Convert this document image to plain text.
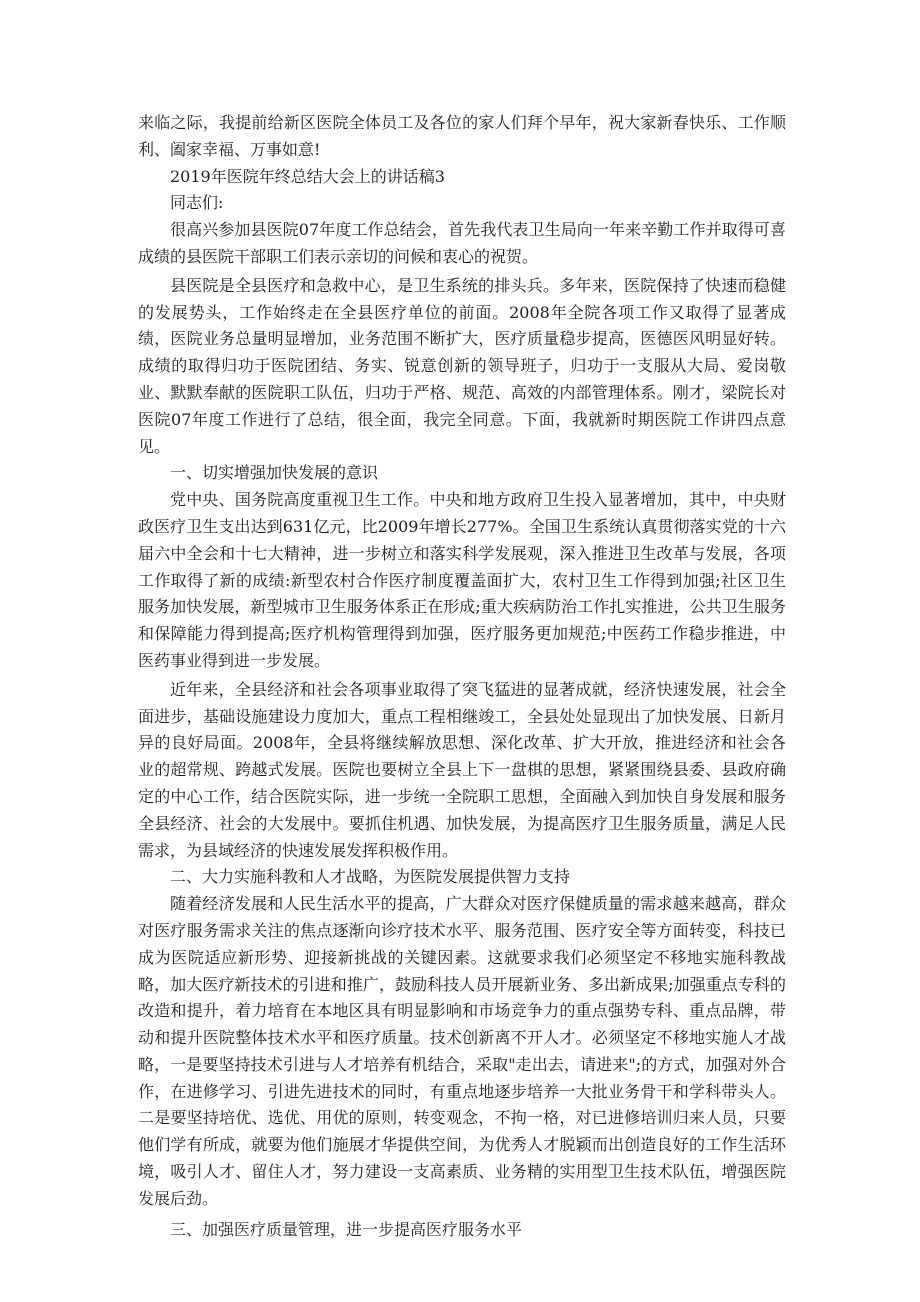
来临之际，我提前给新区医院全体员工及各位的家人们拜个早年，祝大家新春快乐、工作顺利、阖家幸福、万事如意!

2019年医院年终总结大会上的讲话稿3

同志们:

很高兴参加县医院07年度工作总结会，首先我代表卫生局向一年来辛勤工作并取得可喜成绩的县医院干部职工们表示亲切的问候和衷心的祝贺。

县医院是全县医疗和急救中心，是卫生系统的排头兵。多年来，医院保持了快速而稳健的发展势头，工作始终走在全县医疗单位的前面。2008年全院各项工作又取得了显著成绩，医院业务总量明显增加，业务范围不断扩大，医疗质量稳步提高，医德医风明显好转。成绩的取得归功于医院团结、务实、锐意创新的领导班子，归功于一支服从大局、爱岗敬业、默默奉献的医院职工队伍，归功于严格、规范、高效的内部管理体系。刚才，梁院长对医院07年度工作进行了总结，很全面，我完全同意。下面，我就新时期医院工作讲四点意见。

一、切实增强加快发展的意识

党中央、国务院高度重视卫生工作。中央和地方政府卫生投入显著增加，其中，中央财政医疗卫生支出达到631亿元，比2009年增长277%。全国卫生系统认真贯彻落实党的十六届六中全会和十七大精神，进一步树立和落实科学发展观，深入推进卫生改革与发展，各项工作取得了新的成绩:新型农村合作医疗制度覆盖面扩大，农村卫生工作得到加强;社区卫生服务加快发展，新型城市卫生服务体系正在形成;重大疾病防治工作扎实推进，公共卫生服务和保障能力得到提高;医疗机构管理得到加强，医疗服务更加规范;中医药工作稳步推进，中医药事业得到进一步发展。

近年来，全县经济和社会各项事业取得了突飞猛进的显著成就，经济快速发展，社会全面进步，基础设施建设力度加大，重点工程相继竣工，全县处处显现出了加快发展、日新月异的良好局面。2008年，全县将继续解放思想、深化改革、扩大开放，推进经济和社会各业的超常规、跨越式发展。医院也要树立全县上下一盘棋的思想，紧紧围绕县委、县政府确定的中心工作，结合医院实际，进一步统一全院职工思想，全面融入到加快自身发展和服务全县经济、社会的大发展中。要抓住机遇、加快发展，为提高医疗卫生服务质量，满足人民需求，为县域经济的快速发展发挥积极作用。

二、大力实施科教和人才战略，为医院发展提供智力支持

随着经济发展和人民生活水平的提高，广大群众对医疗保健质量的需求越来越高，群众对医疗服务需求关注的焦点逐渐向诊疗技术水平、服务范围、医疗安全等方面转变，科技已成为医院适应新形势、迎接新挑战的关键因素。这就要求我们必须坚定不移地实施科教战略，加大医疗新技术的引进和推广，鼓励科技人员开展新业务、多出新成果;加强重点专科的改造和提升，着力培育在本地区具有明显影响和市场竞争力的重点强势专科、重点品牌，带动和提升医院整体技术水平和医疗质量。技术创新离不开人才。必须坚定不移地实施人才战略，一是要坚持技术引进与人才培养有机结合，采取"走出去，请进来";的方式，加强对外合作，在进修学习、引进先进技术的同时，有重点地逐步培养一大批业务骨干和学科带头人。二是要坚持培优、选优、用优的原则，转变观念，不拘一格，对已进修培训归来人员，只要他们学有所成，就要为他们施展才华提供空间，为优秀人才脱颖而出创造良好的工作生活环境，吸引人才、留住人才，努力建设一支高素质、业务精的实用型卫生技术队伍，增强医院发展后劲。

三、加强医疗质量管理，进一步提高医疗服务水平
